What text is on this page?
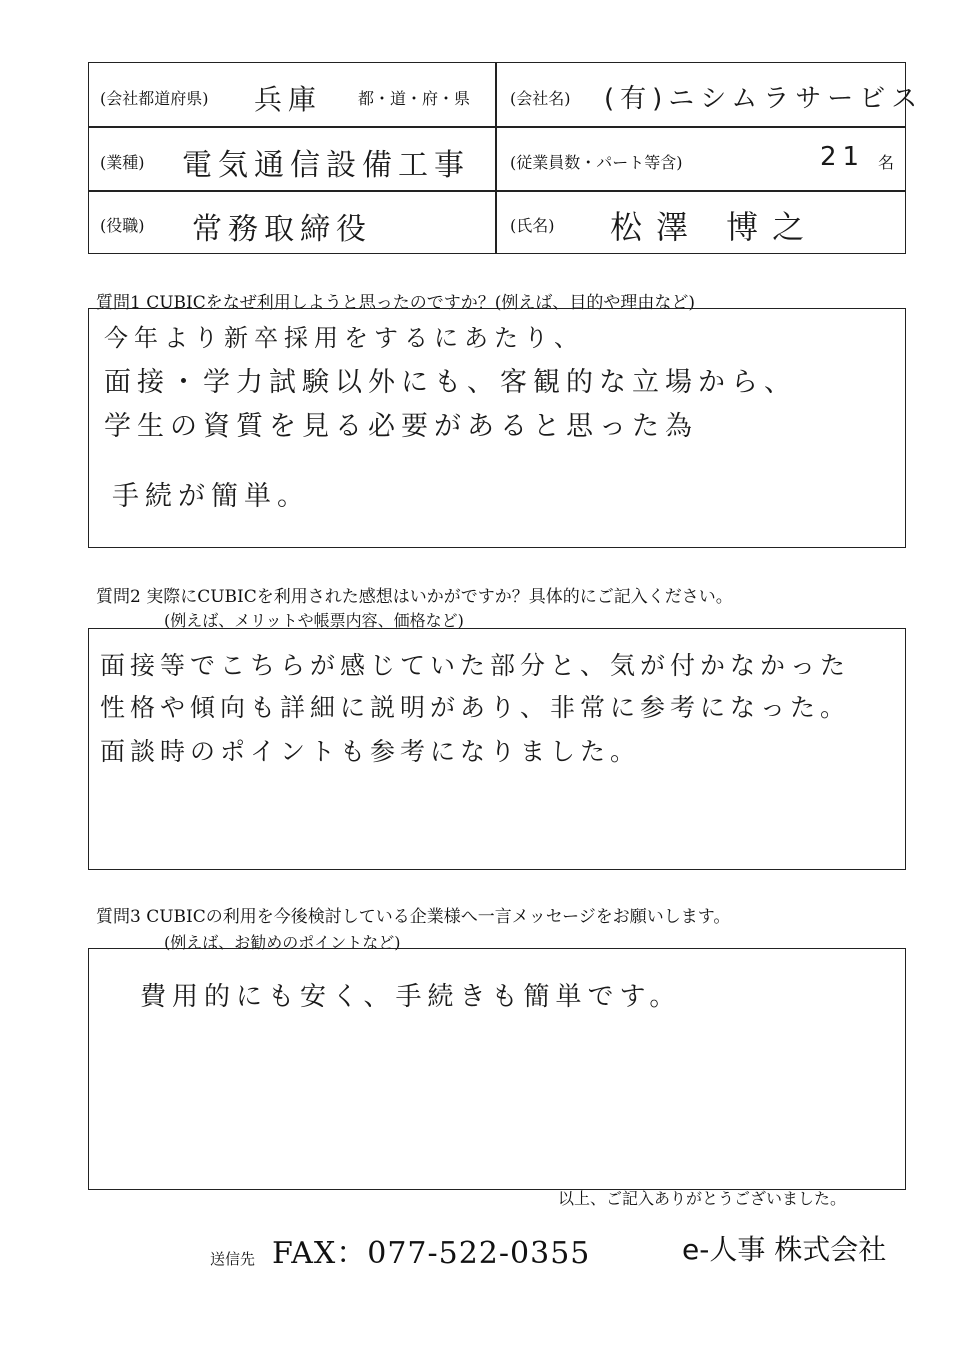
(会社都道府県) 兵庫 都・道・府・県 (会社名) (有)ニシムラサービス
(業種) 電気通信設備工事	(従業員数・パート等含)	21 名
(役職) 常務取締役	(氏名) 松澤 博之
質問1 CUBICをなぜ利用しようと思ったのですか？(例えば、目的や理由など)
今年より新卒採用をするにあたり、
面接・学力試験以外にも、客観的な立場から、
学生の資質を見る必要があると思った為
手続が簡単。
質問2 実際にCUBICを利用された感想はいかがですか？具体的にご記入ください。
(例えば、メリットや帳票内容、価格など)
面接等でこちらが感じていた部分と、気が付かなかった
性格や傾向も詳細に説明があり、非常に参考になった。
面談時のポイントも参考になりました。
質問3 CUBICの利用を今後検討している企業様へ一言メッセージをお願いします。
(例えば、お勧めのポイントなど)
費用的にも安く、手続きも簡単です。
以上、ご記入ありがとうございました。
送信先 FAX：077-522-0355	e-人事 株式会社
